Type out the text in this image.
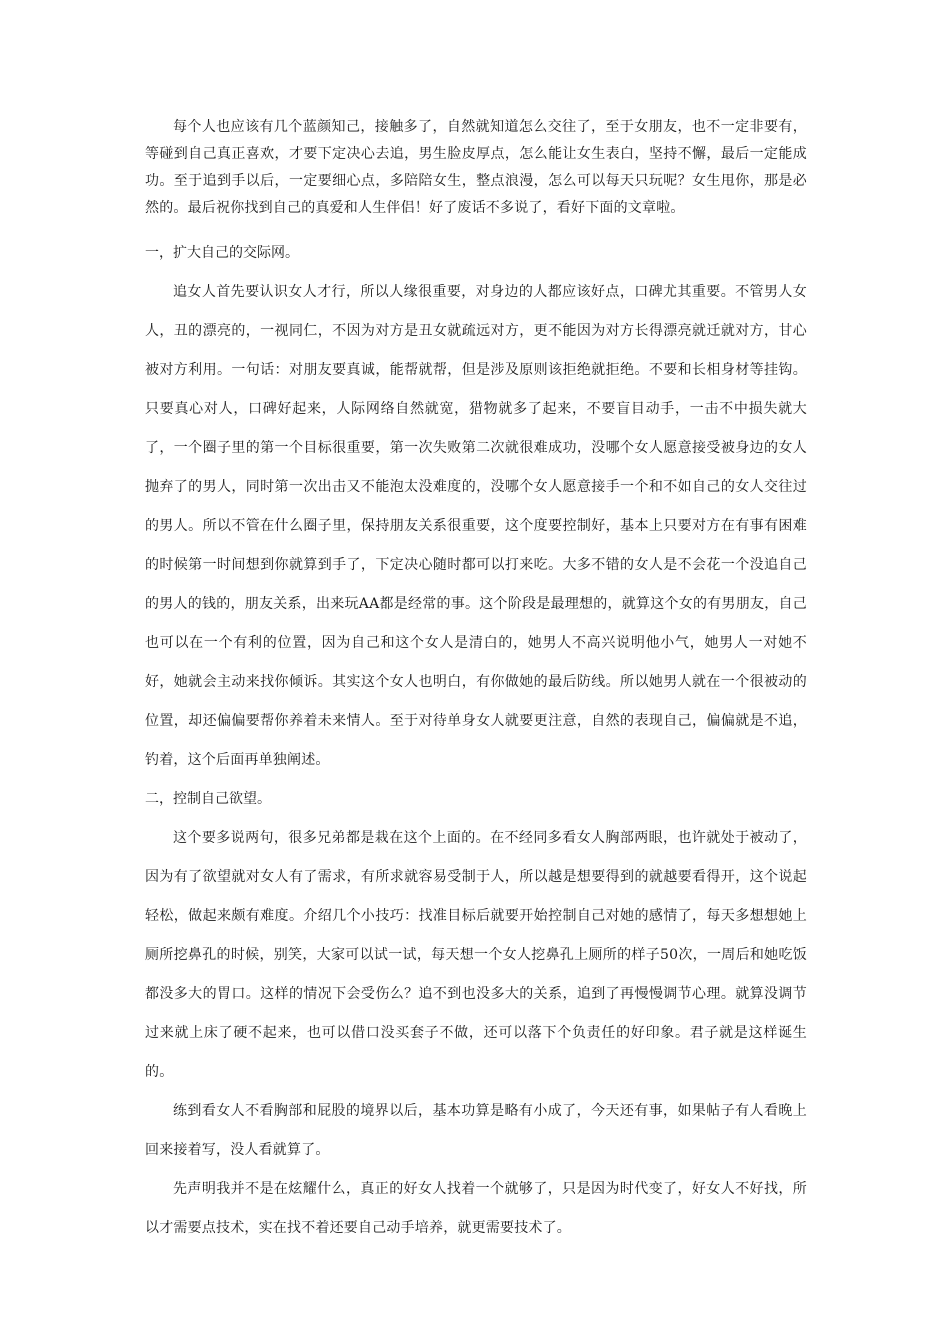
每个人也应该有几个蓝颜知己，接触多了，自然就知道怎么交往了，至于女朋友，也不一定非要有，等碰到自己真正喜欢，才要下定决心去追，男生脸皮厚点，怎么能让女生表白，坚持不懈，最后一定能成功。至于追到手以后，一定要细心点，多陪陪女生，整点浪漫，怎么可以每天只玩呢？女生甩你，那是必然的。最后祝你找到自己的真爱和人生伴侣！好了废话不多说了，看好下面的文章啦。

一，扩大自己的交际网。

追女人首先要认识女人才行，所以人缘很重要，对身边的人都应该好点，口碑尤其重要。不管男人女人，丑的漂亮的，一视同仁，不因为对方是丑女就疏远对方，更不能因为对方长得漂亮就迁就对方，甘心被对方利用。一句话：对朋友要真诚，能帮就帮，但是涉及原则该拒绝就拒绝。不要和长相身材等挂钩。只要真心对人，口碑好起来，人际网络自然就宽，猎物就多了起来，不要盲目动手，一击不中损失就大了，一个圈子里的第一个目标很重要，第一次失败第二次就很难成功，没哪个女人愿意接受被身边的女人抛弃了的男人，同时第一次出击又不能泡太没难度的，没哪个女人愿意接手一个和不如自己的女人交往过的男人。所以不管在什么圈子里，保持朋友关系很重要，这个度要控制好，基本上只要对方在有事有困难的时候第一时间想到你就算到手了，下定决心随时都可以打来吃。大多不错的女人是不会花一个没追自己的男人的钱的，朋友关系，出来玩AA都是经常的事。这个阶段是最理想的，就算这个女的有男朋友，自己也可以在一个有利的位置，因为自己和这个女人是清白的，她男人不高兴说明他小气，她男人一对她不好，她就会主动来找你倾诉。其实这个女人也明白，有你做她的最后防线。所以她男人就在一个很被动的位置，却还偏偏要帮你养着未来情人。至于对待单身女人就要更注意，自然的表现自己，偏偏就是不追，钓着，这个后面再单独阐述。

二，控制自己欲望。

这个要多说两句，很多兄弟都是栽在这个上面的。在不经同多看女人胸部两眼，也许就处于被动了，因为有了欲望就对女人有了需求，有所求就容易受制于人，所以越是想要得到的就越要看得开，这个说起轻松，做起来颇有难度。介绍几个小技巧：找准目标后就要开始控制自己对她的感情了，每天多想想她上厕所挖鼻孔的时候，别笑，大家可以试一试，每天想一个女人挖鼻孔上厕所的样子50次，一周后和她吃饭都没多大的胃口。这样的情况下会受伤么？追不到也没多大的关系，追到了再慢慢调节心理。就算没调节过来就上床了硬不起来，也可以借口没买套子不做，还可以落下个负责任的好印象。君子就是这样诞生的。

练到看女人不看胸部和屁股的境界以后，基本功算是略有小成了，今天还有事，如果帖子有人看晚上回来接着写，没人看就算了。

先声明我并不是在炫耀什么，真正的好女人找着一个就够了，只是因为时代变了，好女人不好找，所以才需要点技术，实在找不着还要自己动手培养，就更需要技术了。
